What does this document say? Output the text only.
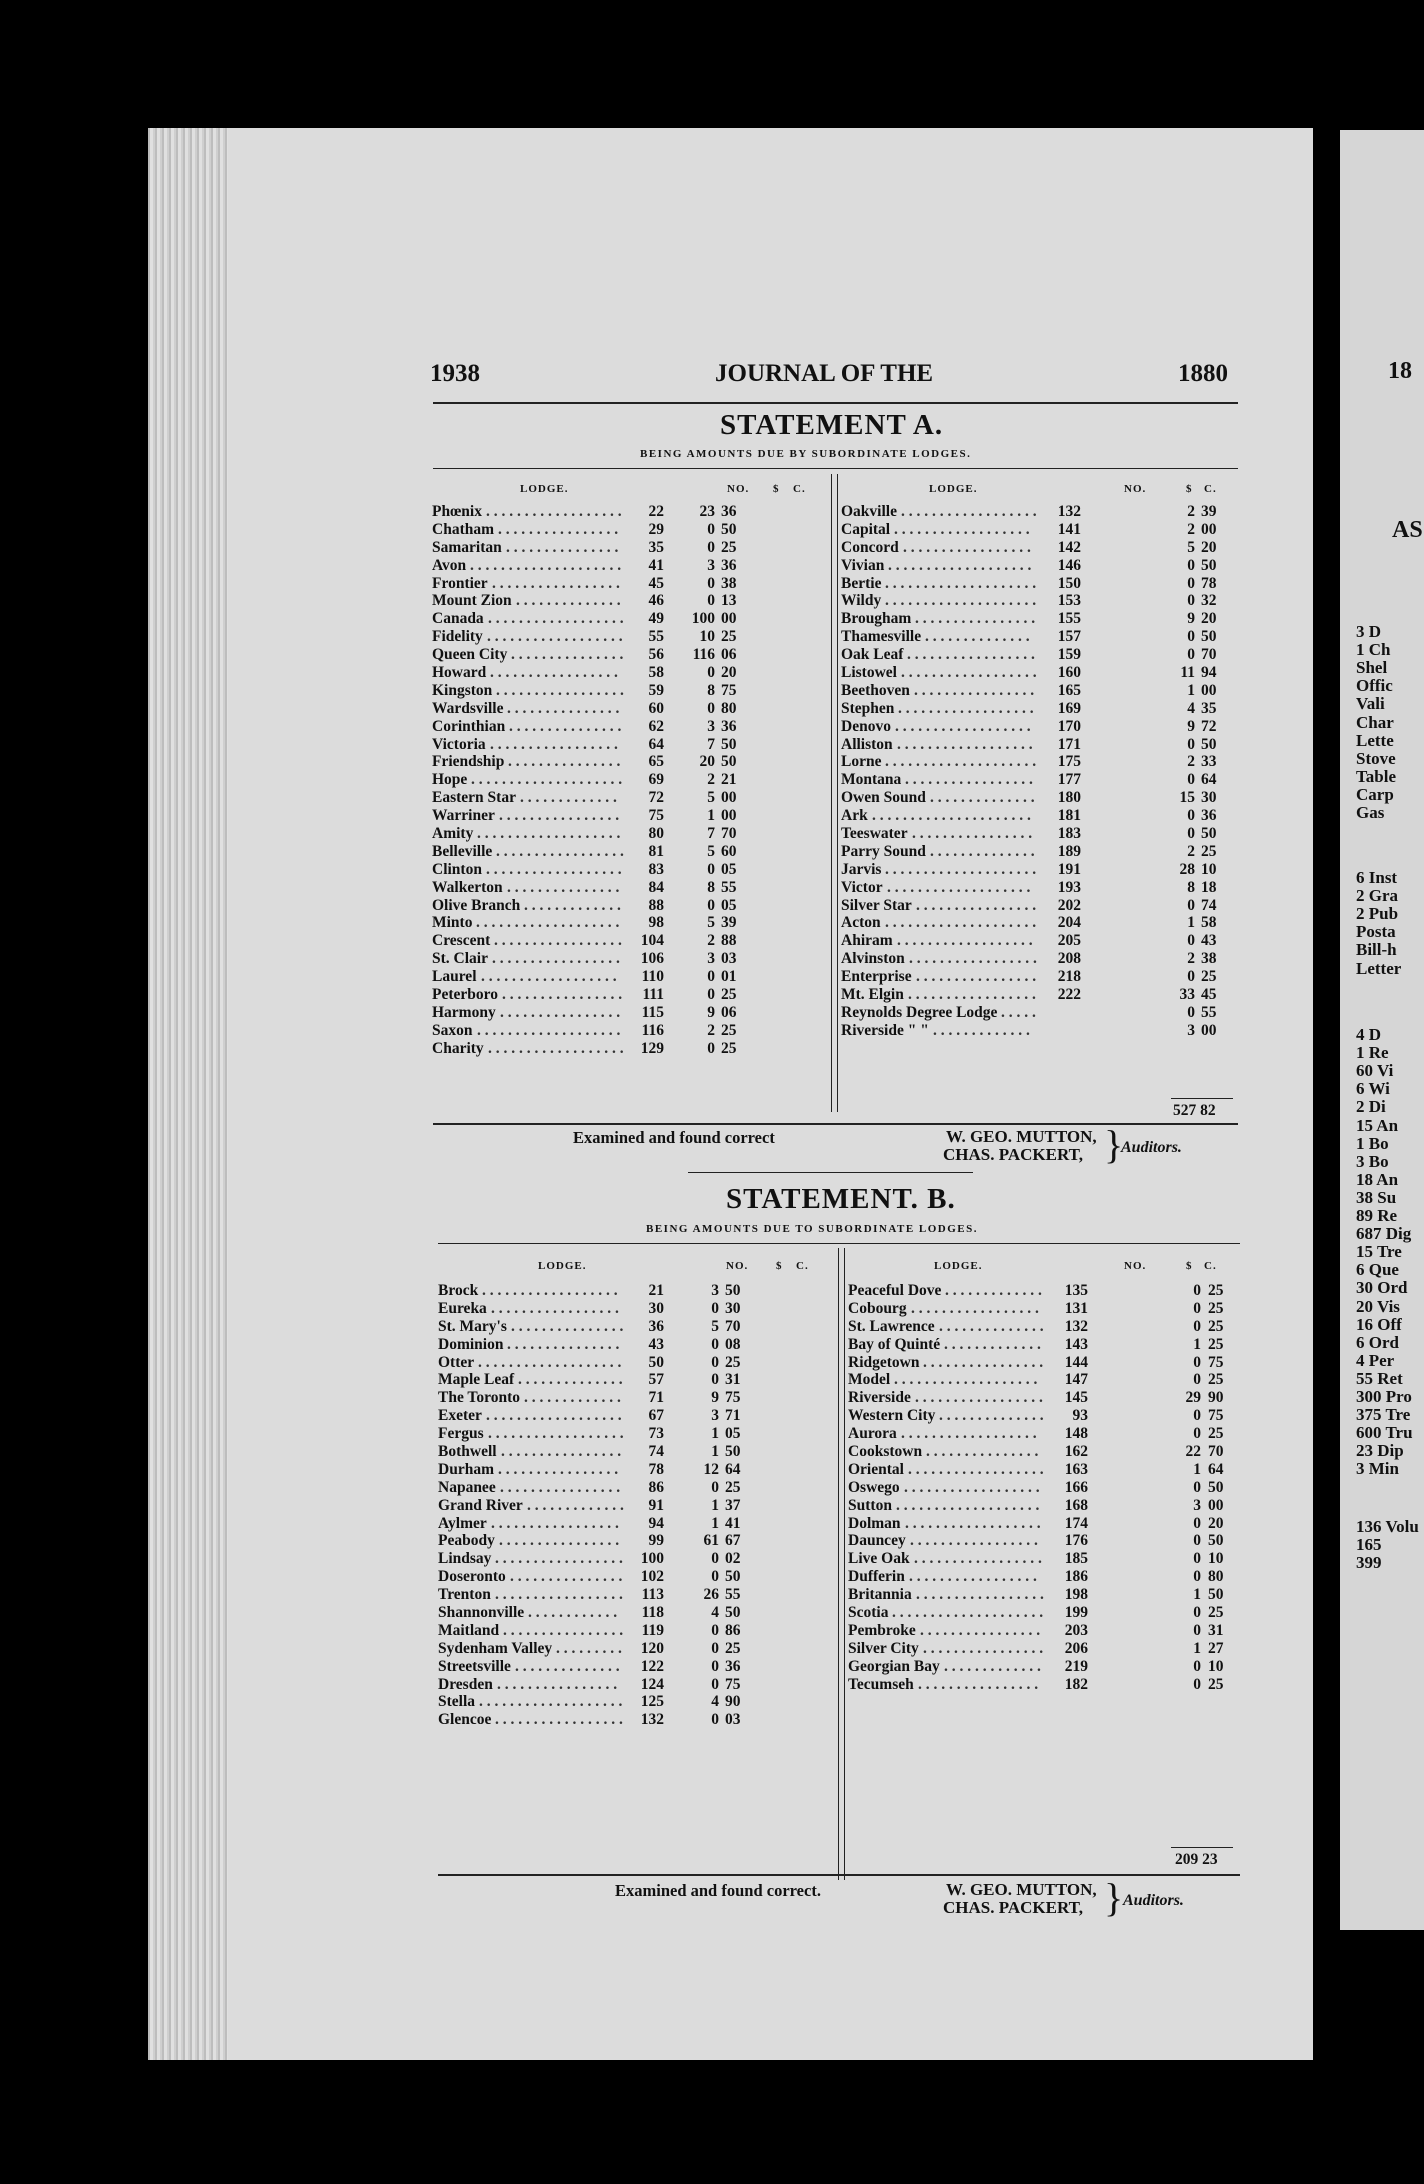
1938	JOURNAL OF THE	1880
STATEMENT A.
BEING AMOUNTS DUE BY SUBORDINATE LODGES.
LODGE.	NO. $ C.	LODGE.	NO.	$ C.
. . . . . . . . . . . . . . . . . .
Phœnix	22	23 36
. . . . . . . . . . . . . . . .
Chatham	29	0 50
. . . . . . . . . . . . . . .
Samaritan	35	0 25
. . . . . . . . . . . . . . . . . . . .
Avon	41	3 36
. . . . . . . . . . . . . . . . .
Frontier	45	0 38
. . . . . . . . . . . . . .
Mount Zion	46	0 13
. . . . . . . . . . . . . . . . . .
Canada	49	100 00
. . . . . . . . . . . . . . . . . .
Fidelity	55	10 25
. . . . . . . . . . . . . . .
Queen City	56	116 06
. . . . . . . . . . . . . . . . .
Howard	58	0 20
. . . . . . . . . . . . . . . . .
Kingston	59	8 75
. . . . . . . . . . . . . . .
Wardsville	60	0 80
. . . . . . . . . . . . . . .
Corinthian	62	3 36
. . . . . . . . . . . . . . . . .
Victoria	64	7 50
. . . . . . . . . . . . . . .
Friendship	65	20 50
. . . . . . . . . . . . . . . . . . . .
Hope	69	2 21
. . . . . . . . . . . . .
Eastern Star	72	5 00
. . . . . . . . . . . . . . . .
Warriner	75	1 00
. . . . . . . . . . . . . . . . . . .
Amity	80	7 70
. . . . . . . . . . . . . . . . .
Belleville	81	5 60
. . . . . . . . . . . . . . . . . .
Clinton	83	0 05
. . . . . . . . . . . . . . .
Walkerton	84	8 55
. . . . . . . . . . . . .
Olive Branch	88	0 05
. . . . . . . . . . . . . . . . . . .
Minto	98	5 39
. . . . . . . . . . . . . . . . .
Crescent	104	2 88
. . . . . . . . . . . . . . . . .
St. Clair	106	3 03
. . . . . . . . . . . . . . . . . .
Laurel	110	0 01
. . . . . . . . . . . . . . . .
Peterboro	111	0 25
. . . . . . . . . . . . . . . .
Harmony	115	9 06
. . . . . . . . . . . . . . . . . . .
Saxon	116	2 25
. . . . . . . . . . . . . . . . . .
Charity	129	0 25
. . . . . . . . . . . . . . . . . .
Oakville	132	2 39
. . . . . . . . . . . . . . . . . .
Capital	141	2 00
. . . . . . . . . . . . . . . . .
Concord	142	5 20
. . . . . . . . . . . . . . . . . . .
Vivian	146	0 50
. . . . . . . . . . . . . . . . . . . .
Bertie	150	0 78
. . . . . . . . . . . . . . . . . . . .
Wildy	153	0 32
. . . . . . . . . . . . . . . .
Brougham	155	9 20
. . . . . . . . . . . . . .
Thamesville	157	0 50
. . . . . . . . . . . . . . . . .
Oak Leaf	159	0 70
. . . . . . . . . . . . . . . . . .
Listowel	160	11 94
. . . . . . . . . . . . . . . .
Beethoven	165	1 00
. . . . . . . . . . . . . . . . . .
Stephen	169	4 35
. . . . . . . . . . . . . . . . . .
Denovo	170	9 72
. . . . . . . . . . . . . . . . . .
Alliston	171	0 50
. . . . . . . . . . . . . . . . . . . .
Lorne	175	2 33
. . . . . . . . . . . . . . . . .
Montana	177	0 64
. . . . . . . . . . . . . .
Owen Sound	180	15 30
. . . . . . . . . . . . . . . . . . . . .
Ark	181	0 36
. . . . . . . . . . . . . . . .
Teeswater	183	0 50
. . . . . . . . . . . . . .
Parry Sound	189	2 25
. . . . . . . . . . . . . . . . . . . .
Jarvis	191	28 10
. . . . . . . . . . . . . . . . . . .
Victor	193	8 18
. . . . . . . . . . . . . . . .
Silver Star	202	0 74
. . . . . . . . . . . . . . . . . . . .
Acton	204	1 58
. . . . . . . . . . . . . . . . . .
Ahiram	205	0 43
. . . . . . . . . . . . . . . . .
Alvinston	208	2 38
. . . . . . . . . . . . . . . .
Enterprise	218	0 25
. . . . . . . . . . . . . . . . .
Mt. Elgin	222	33 45
. . . . .
Reynolds Degree Lodge	0 55
. . . . . . . . . . . . .
Riverside " "	3 00
527 82
Examined and found correct	W. GEO. MUTTON,
CHAS. PACKERT, }
Auditors.
STATEMENT. B.
BEING AMOUNTS DUE TO SUBORDINATE LODGES.
LODGE.	NO.	$ C.	LODGE.	NO.	$ C.
. . . . . . . . . . . . . . . . . .
Brock	21	3 50
. . . . . . . . . . . . . . . . .
Eureka	30	0 30
. . . . . . . . . . . . . . .
St. Mary's	36	5 70
. . . . . . . . . . . . . . .
Dominion	43	0 08
. . . . . . . . . . . . . . . . . . .
Otter	50	0 25
. . . . . . . . . . . . . .
Maple Leaf	57	0 31
. . . . . . . . . . . . .
The Toronto	71	9 75
. . . . . . . . . . . . . . . . . .
Exeter	67	3 71
. . . . . . . . . . . . . . . . . .
Fergus	73	1 05
. . . . . . . . . . . . . . . .
Bothwell	74	1 50
. . . . . . . . . . . . . . . .
Durham	78	12 64
. . . . . . . . . . . . . . . .
Napanee	86	0 25
. . . . . . . . . . . . .
Grand River	91	1 37
. . . . . . . . . . . . . . . . .
Aylmer	94	1 41
. . . . . . . . . . . . . . . .
Peabody	99	61 67
. . . . . . . . . . . . . . . . .
Lindsay	100	0 02
. . . . . . . . . . . . . . .
Doseronto	102	0 50
. . . . . . . . . . . . . . . . .
Trenton	113	26 55
. . . . . . . . . . . .
Shannonville	118	4 50
. . . . . . . . . . . . . . . .
Maitland	119	0 86
. . . . . . . . .
Sydenham Valley	120	0 25
. . . . . . . . . . . . . .
Streetsville	122	0 36
. . . . . . . . . . . . . . . .
Dresden	124	0 75
. . . . . . . . . . . . . . . . . . .
Stella	125	4 90
. . . . . . . . . . . . . . . . .
Glencoe	132	0 03
. . . . . . . . . . . . .
Peaceful Dove	135	0 25
. . . . . . . . . . . . . . . . .
Cobourg	131	0 25
. . . . . . . . . . . . . .
St. Lawrence	132	0 25
. . . . . . . . . . . . .
Bay of Quinté	143	1 25
. . . . . . . . . . . . . . . .
Ridgetown	144	0 75
. . . . . . . . . . . . . . . . . . .
Model	147	0 25
. . . . . . . . . . . . . . . . .
Riverside	145	29 90
. . . . . . . . . . . . . .
Western City	93	0 75
. . . . . . . . . . . . . . . . . .
Aurora	148	0 25
. . . . . . . . . . . . . . .
Cookstown	162	22 70
. . . . . . . . . . . . . . . . . .
Oriental	163	1 64
. . . . . . . . . . . . . . . . . .
Oswego	166	0 50
. . . . . . . . . . . . . . . . . . .
Sutton	168	3 00
. . . . . . . . . . . . . . . . . .
Dolman	174	0 20
. . . . . . . . . . . . . . . . .
Dauncey	176	0 50
. . . . . . . . . . . . . . . . .
Live Oak	185	0 10
. . . . . . . . . . . . . . . . .
Dufferin	186	0 80
. . . . . . . . . . . . . . . . .
Britannia	198	1 50
. . . . . . . . . . . . . . . . . . . .
Scotia	199	0 25
. . . . . . . . . . . . . . . .
Pembroke	203	0 31
. . . . . . . . . . . . . . . .
Silver City	206	1 27
. . . . . . . . . . . . .
Georgian Bay	219	0 10
. . . . . . . . . . . . . . . .
Tecumseh	182	0 25
209 23
Examined and found correct.	W. GEO. MUTTON,
CHAS. PACKERT, } Auditors.
18
AS
3 D
1 Ch
Shel
Offic
Vali
Char
Lette
Stove
Table
Carp
Gas
6 Inst
2 Gra
2 Pub
Posta
Bill-h
Letter
4 D
1 Re
60 Vi
6 Wi
2 Di
15 An
1 Bo
3 Bo
18 An
38 Su
89 Re
687 Dig
15 Tre
6 Que
30 Ord
20 Vis
16 Off
6 Ord
4 Per
55 Ret
300 Pro
375 Tre
600 Tru
23 Dip
3 Min
136 Volu
165
399
